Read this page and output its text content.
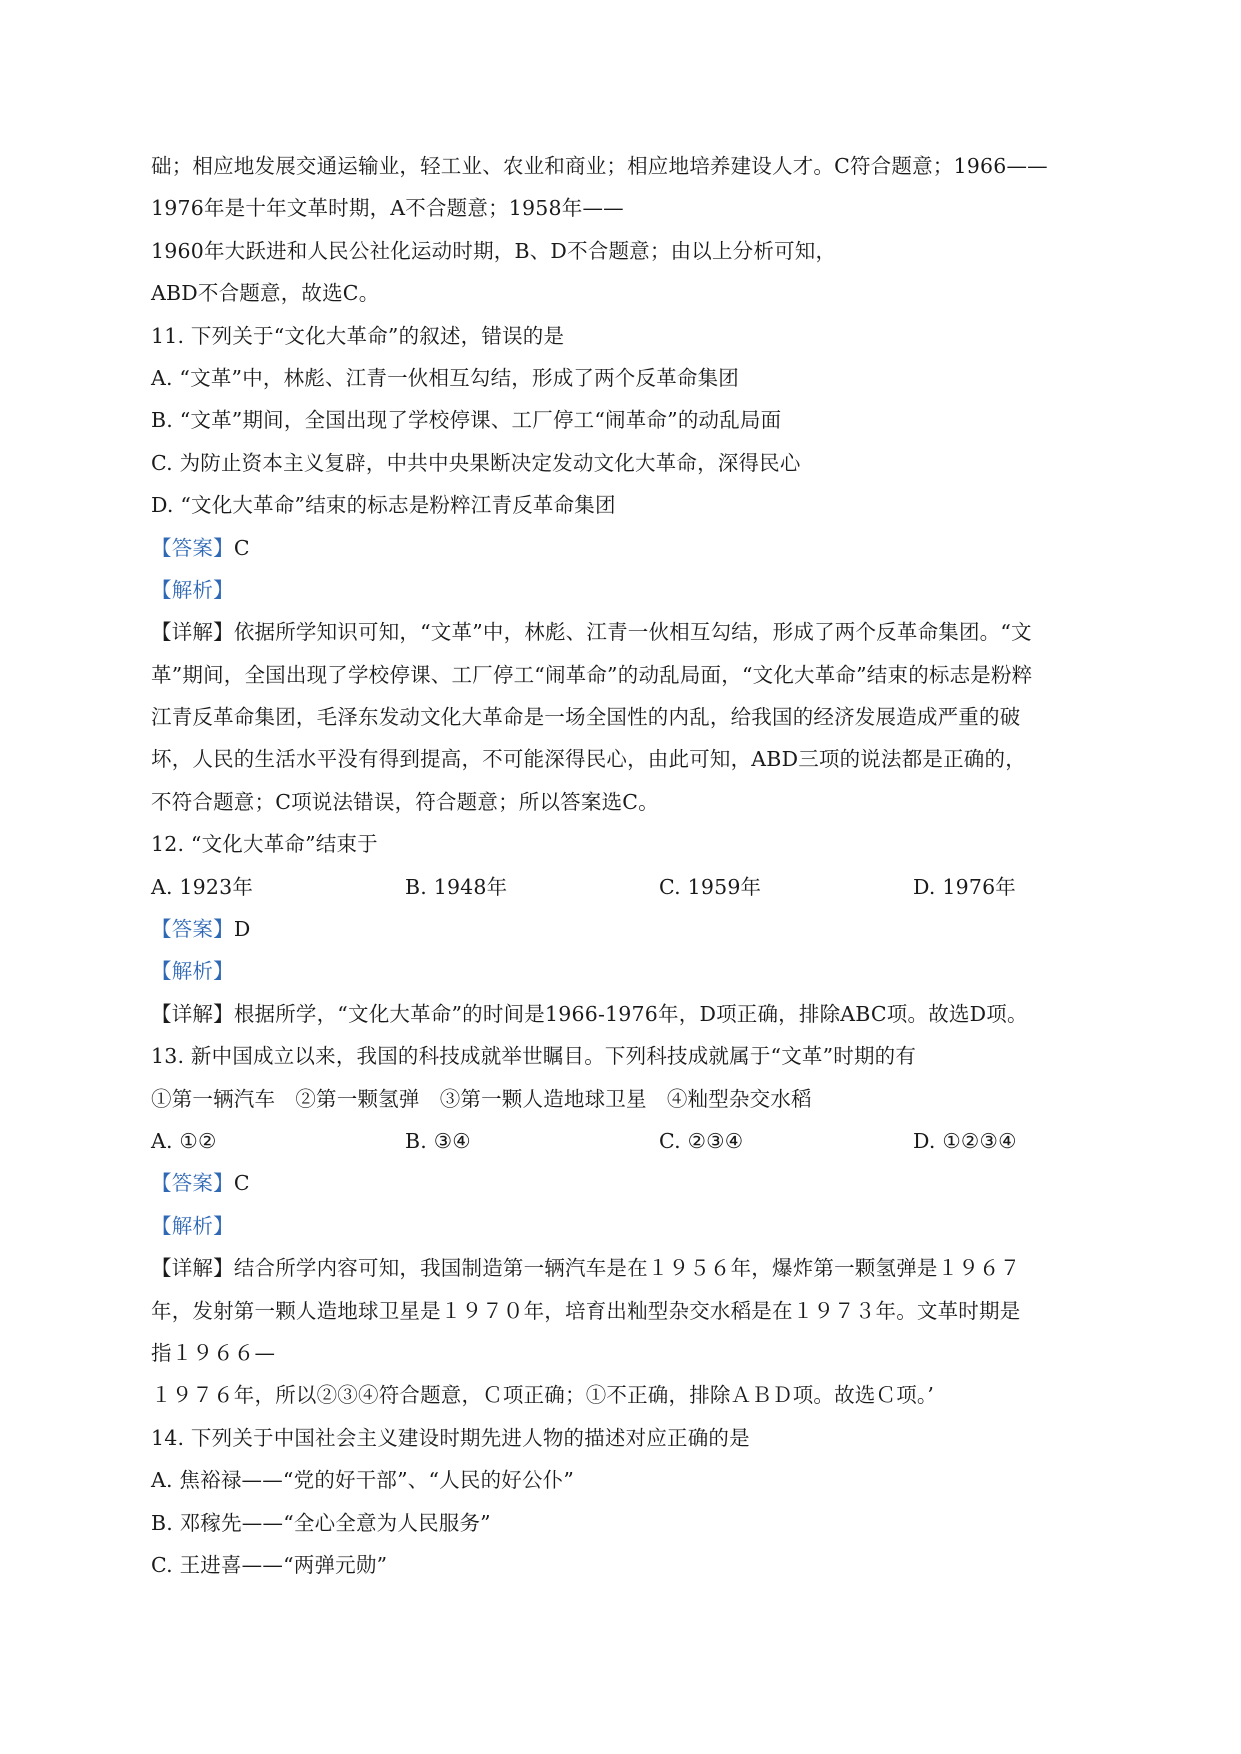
础；相应地发展交通运输业，轻工业、农业和商业；相应地培养建设人才。C符合题意；1966——
1976年是十年文革时期，A不合题意；1958年——
1960年大跃进和人民公社化运动时期，B、D不合题意；由以上分析可知，
ABD不合题意，故选C。
11. 下列关于“文化大革命”的叙述，错误的是
A. “文革”中，林彪、江青一伙相互勾结，形成了两个反革命集团
B. “文革”期间，全国出现了学校停课、工厂停工“闹革命”的动乱局面
C. 为防止资本主义复辟，中共中央果断决定发动文化大革命，深得民心
D. “文化大革命”结束的标志是粉粹江青反革命集团
【答案】C
【解析】
【详解】依据所学知识可知，“文革”中，林彪、江青一伙相互勾结，形成了两个反革命集团。“文
革”期间，全国出现了学校停课、工厂停工“闹革命”的动乱局面，“文化大革命”结束的标志是粉粹
江青反革命集团，毛泽东发动文化大革命是一场全国性的内乱，给我国的经济发展造成严重的破
坏，人民的生活水平没有得到提高，不可能深得民心，由此可知，ABD三项的说法都是正确的，
不符合题意；C项说法错误，符合题意；所以答案选C。
12. “文化大革命”结束于
A. 1923年	B. 1948年	C. 1959年	D. 1976年
【答案】D
【解析】
【详解】根据所学，“文化大革命”的时间是1966-1976年，D项正确，排除ABC项。故选D项。
13. 新中国成立以来，我国的科技成就举世瞩目。下列科技成就属于“文革”时期的有
①第一辆汽车   ②第一颗氢弹   ③第一颗人造地球卫星   ④籼型杂交水稻
A. ①②	B. ③④	C. ②③④	D. ①②③④
【答案】C
【解析】
【详解】结合所学内容可知，我国制造第一辆汽车是在１９５６年，爆炸第一颗氢弹是１９６７
年，发射第一颗人造地球卫星是１９７０年，培育出籼型杂交水稻是在１９７３年。文革时期是
指１９６６—
１９７６年，所以②③④符合题意，Ｃ项正确；①不正确，排除ＡＢＤ项。故选Ｃ项。’
14. 下列关于中国社会主义建设时期先进人物的描述对应正确的是
A. 焦裕禄——“党的好干部”、“人民的好公仆”
B. 邓稼先——“全心全意为人民服务”
C. 王进喜——“两弹元勋”
